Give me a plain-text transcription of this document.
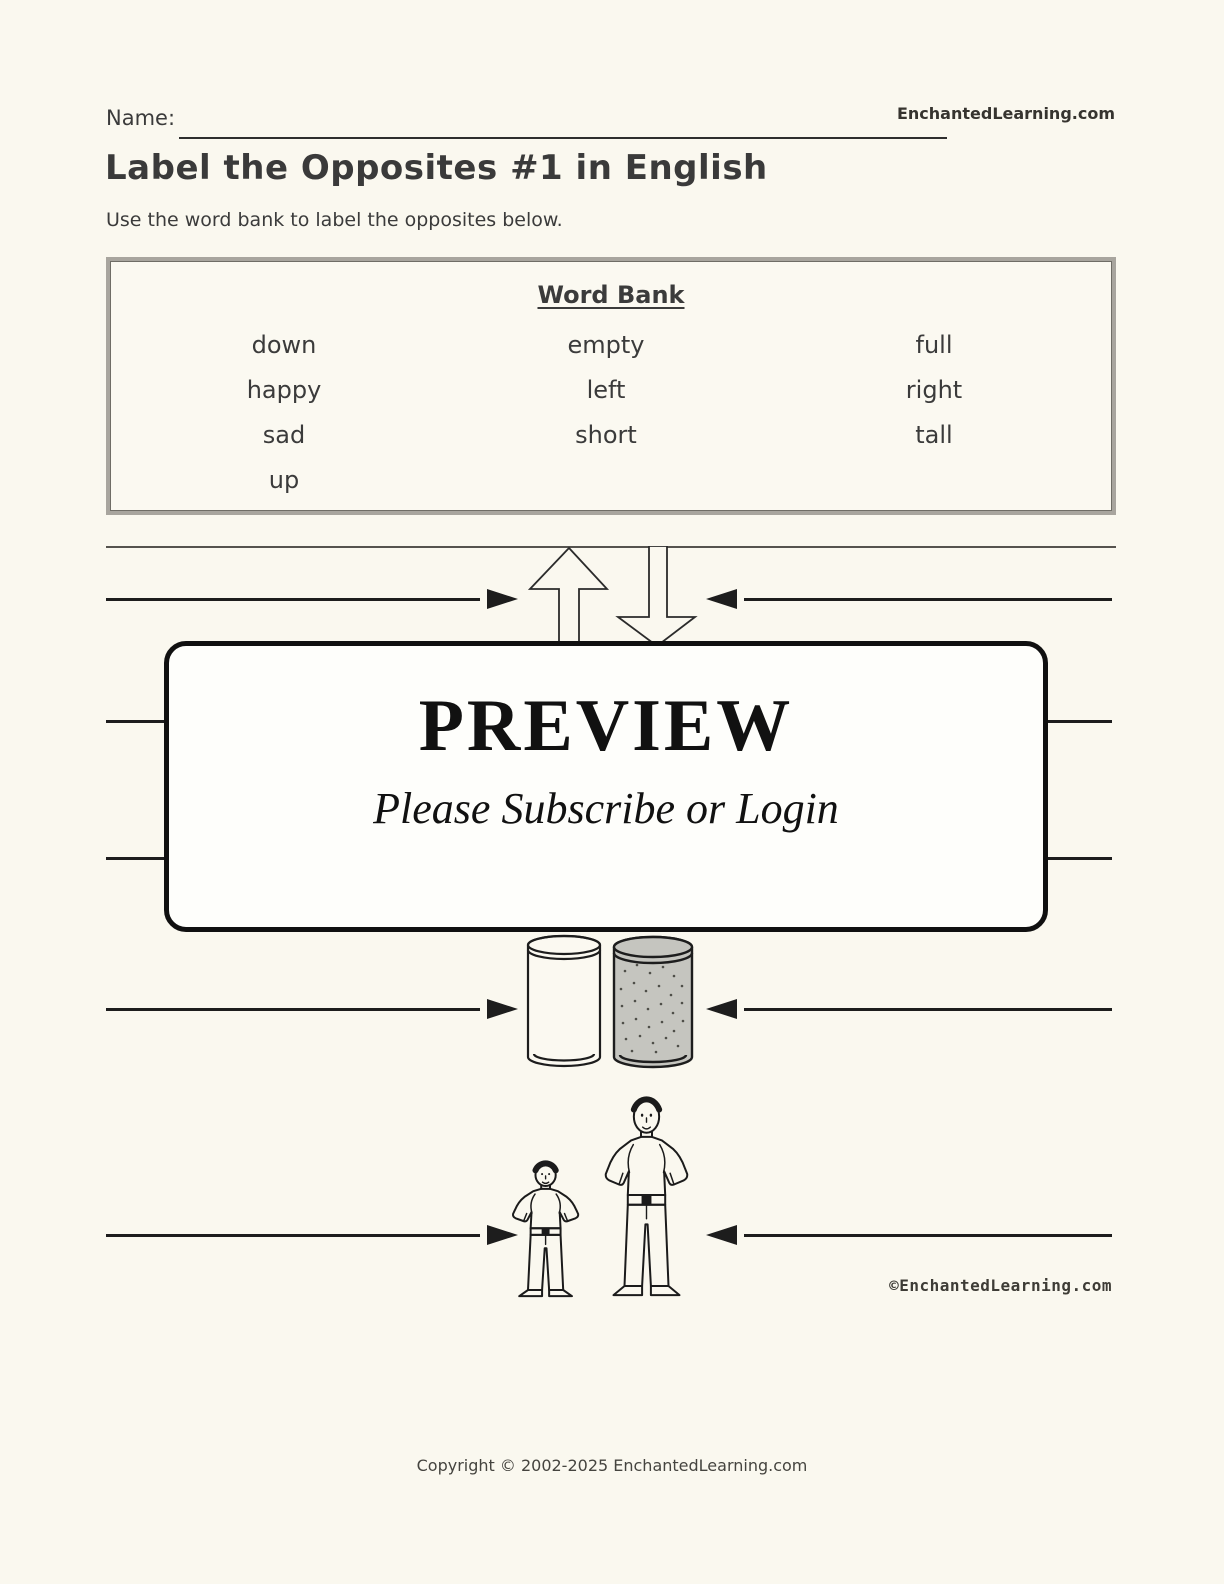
Name:	EnchantedLearning.com
Label the Opposites #1 in English
Use the word bank to label the opposites below.
Word Bank
down
happy
sad
up
empty
left
short
full
right
tall
PREVIEW
Please Subscribe or Login
©EnchantedLearning.com
Copyright © 2002-2025 EnchantedLearning.com
